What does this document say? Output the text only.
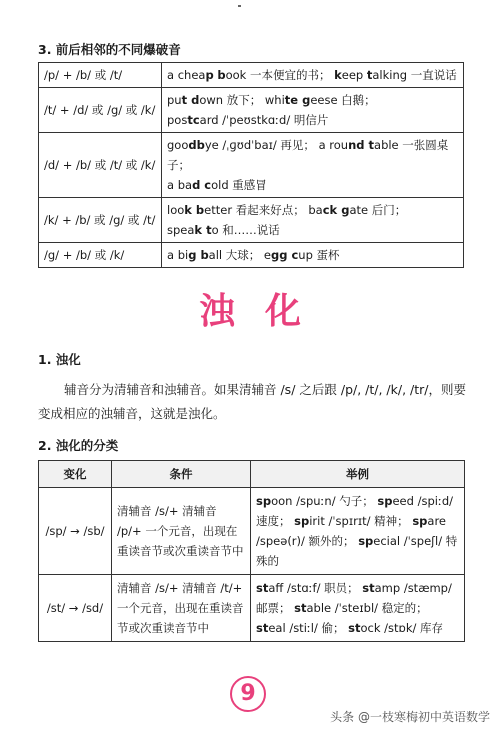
3. 前后相邻的不同爆破音
/p/ + /b/ 或 /t/	a cheap book 一本便宜的书； keep talking 一直说话

/t/ + /d/ 或 /g/ 或 /k/	put down 放下； white geese 白鹅；
postcard /ˈpeʊstkɑːd/ 明信片

/d/ + /b/ 或 /t/ 或 /k/	goodbye /ˌɡʊdˈbaɪ/ 再见； a round table 一张圆桌子；
a bad cold 重感冒

/k/ + /b/ 或 /g/ 或 /t/	look better 看起来好点； back gate 后门；
speak to 和……说话

/g/ + /b/ 或 /k/	a big ball 大球； egg cup 蛋杯
浊化
1. 浊化
辅音分为清辅音和浊辅音。如果清辅音 /s/ 之后跟 /p/, /t/, /k/, /tr/，则要变成相应的浊辅音，这就是浊化。
2. 浊化的分类
变化	条件	举例
/sp/ → /sb/	清辅音 /s/+ 清辅音 /p/+ 一个元音，出现在重读音节或次重读音节中	spoon /spuːn/ 勺子； speed /spiːd/
速度； spirit /ˈspɪrɪt/ 精神； spare
/speə(r)/ 额外的； special /ˈspeʃl/ 特
殊的

/st/ → /sd/	清辅音 /s/+ 清辅音 /t/+ 一个元音，出现在重读音节或次重读音节中	staff /stɑːf/ 职员； stamp /stæmp/
邮票； stable /ˈsteɪbl/ 稳定的；
steal /stiːl/ 偷； stock /stɒk/ 库存
9
头条 @一枝寒梅初中英语数学
